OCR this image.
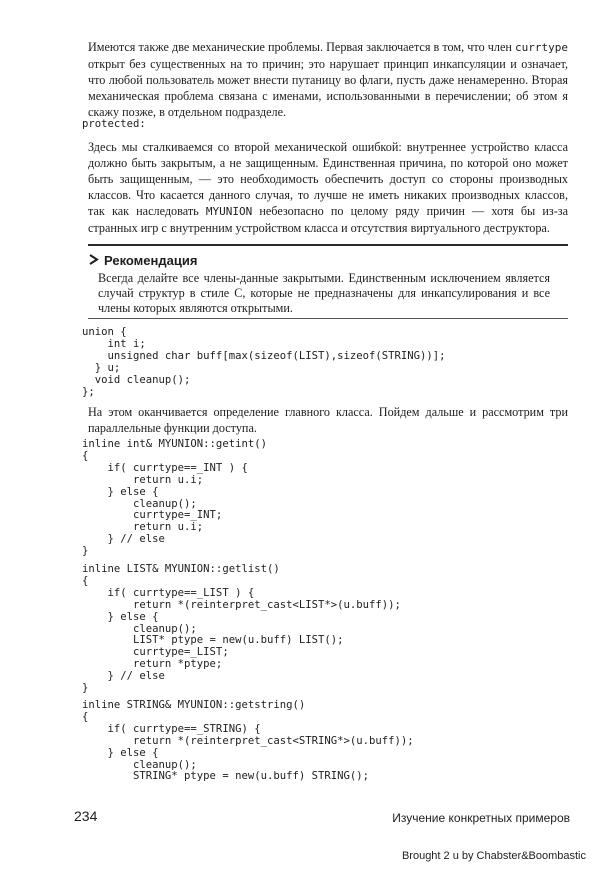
Имеются также две механические проблемы. Первая заключается в том, что член currtype открыт без существенных на то причин; это нарушает принцип инкапсуляции и означает, что любой пользователь может внести путаницу во флаги, пусть даже ненамеренно. Вторая механическая проблема связана с именами, использованными в перечислении; об этом я скажу позже, в отдельном подразделе.

protected:

Здесь мы сталкиваемся со второй механической ошибкой: внутреннее устройство класса должно быть закрытым, а не защищенным. Единственная причина, по которой оно может быть защищенным, — это необходимость обеспечить доступ со стороны производных классов. Что касается данного случая, то лучше не иметь никаких производных классов, так как наследовать MYUNION небезопасно по целому ряду причин — хотя бы из-за странных игр с внутренним устройством класса и отсутствия виртуального деструктора.

Рекомендация

Всегда делайте все члены-данные закрытыми. Единственным исключением является случай структур в стиле С, которые не предназначены для инкапсулирования и все члены которых являются открытыми.

union {
int i;
unsigned char buff[max(sizeof(LIST),sizeof(STRING))];
} u;
void cleanup();
};

На этом оканчивается определение главного класса. Пойдем дальше и рассмотрим три параллельные функции доступа.

inline int& MYUNION::getint()
{
if( currtype==_INT ) {
return u.i;
} else {
cleanup();
currtype=_INT;
return u.i;
} // else
}
inline LIST& MYUNION::getlist()
{
if( currtype==_LIST ) {
return *(reinterpret_cast<LIST*>(u.buff));
} else {
cleanup();
LIST* ptype = new(u.buff) LIST();
currtype=_LIST;
return *ptype;
} // else
}
inline STRING& MYUNION::getstring()
{
if( currtype==_STRING) {
return *(reinterpret_cast<STRING*>(u.buff));
} else {
cleanup();
STRING* ptype = new(u.buff) STRING();

234	Изучение конкретных примеров

Brought 2 u by Chabster&Boombastic
